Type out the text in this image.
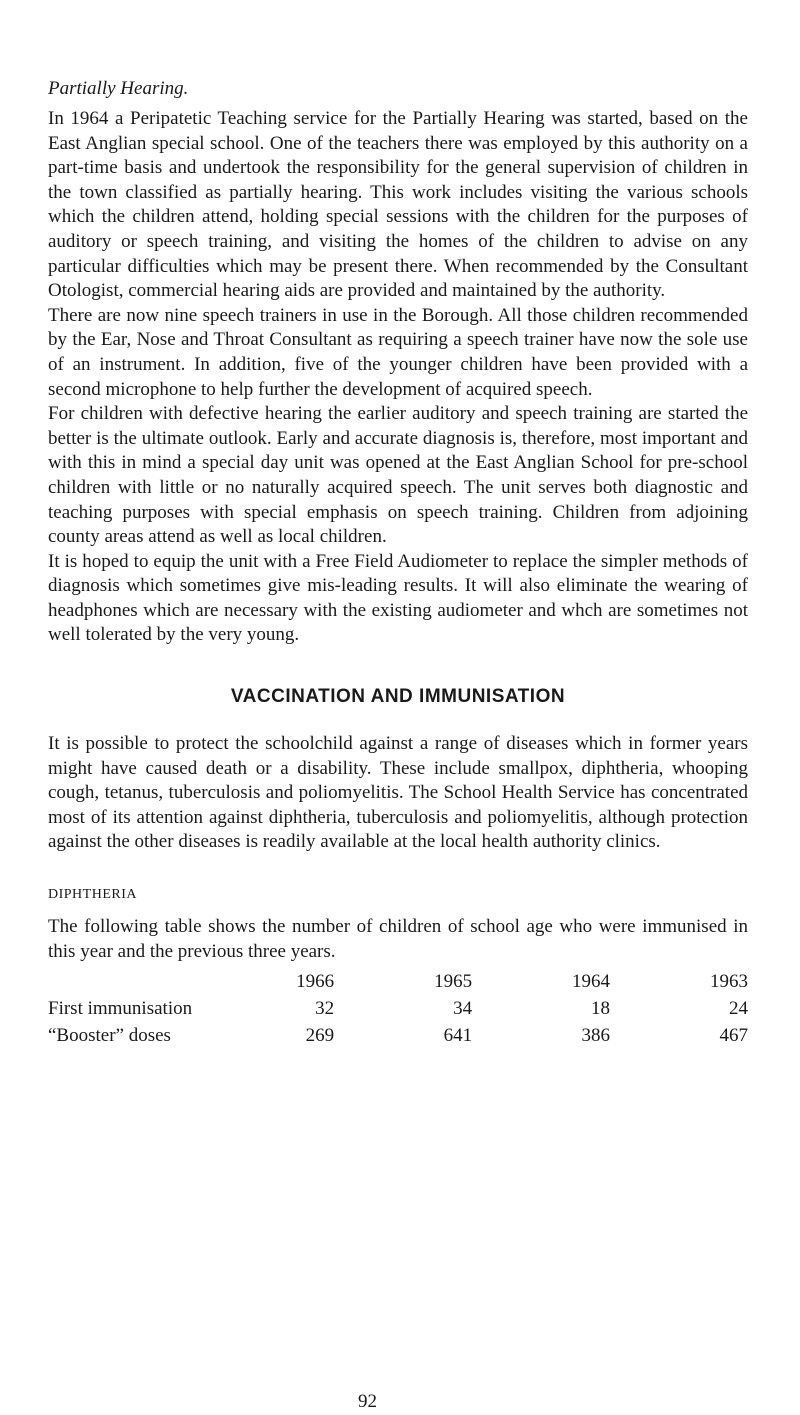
Partially Hearing.

In 1964 a Peripatetic Teaching service for the Partially Hearing was started, based on the East Anglian special school. One of the teachers there was employed by this authority on a part-time basis and undertook the responsibility for the general supervision of children in the town classified as partially hearing. This work includes visiting the various schools which the children attend, holding special sessions with the children for the purposes of auditory or speech training, and visiting the homes of the children to advise on any particular difficulties which may be present there. When recommended by the Consultant Otologist, commercial hearing aids are provided and maintained by the authority.

There are now nine speech trainers in use in the Borough. All those children recommended by the Ear, Nose and Throat Consultant as requiring a speech trainer have now the sole use of an instrument. In addition, five of the younger children have been provided with a second microphone to help further the development of acquired speech.

For children with defective hearing the earlier auditory and speech training are started the better is the ultimate outlook. Early and accurate diagnosis is, therefore, most important and with this in mind a special day unit was opened at the East Anglian School for pre-school children with little or no naturally acquired speech. The unit serves both diagnostic and teaching purposes with special emphasis on speech training. Children from adjoining county areas attend as well as local children.

It is hoped to equip the unit with a Free Field Audiometer to replace the simpler methods of diagnosis which sometimes give mis-leading results. It will also eliminate the wearing of headphones which are necessary with the existing audiometer and whch are sometimes not well tolerated by the very young.

VACCINATION AND IMMUNISATION

It is possible to protect the schoolchild against a range of diseases which in former years might have caused death or a disability. These include smallpox, diphtheria, whooping cough, tetanus, tuberculosis and poliomyelitis. The School Health Service has concentrated most of its attention against diphtheria, tuberculosis and poliomyelitis, although protection against the other diseases is readily available at the local health authority clinics.

DIPHTHERIA

The following table shows the number of children of school age who were immunised in this year and the previous three years.

	1966	1965	1964	1963
First immunisation	32	34	18	24
“Booster” doses	269	641	386	467
92
